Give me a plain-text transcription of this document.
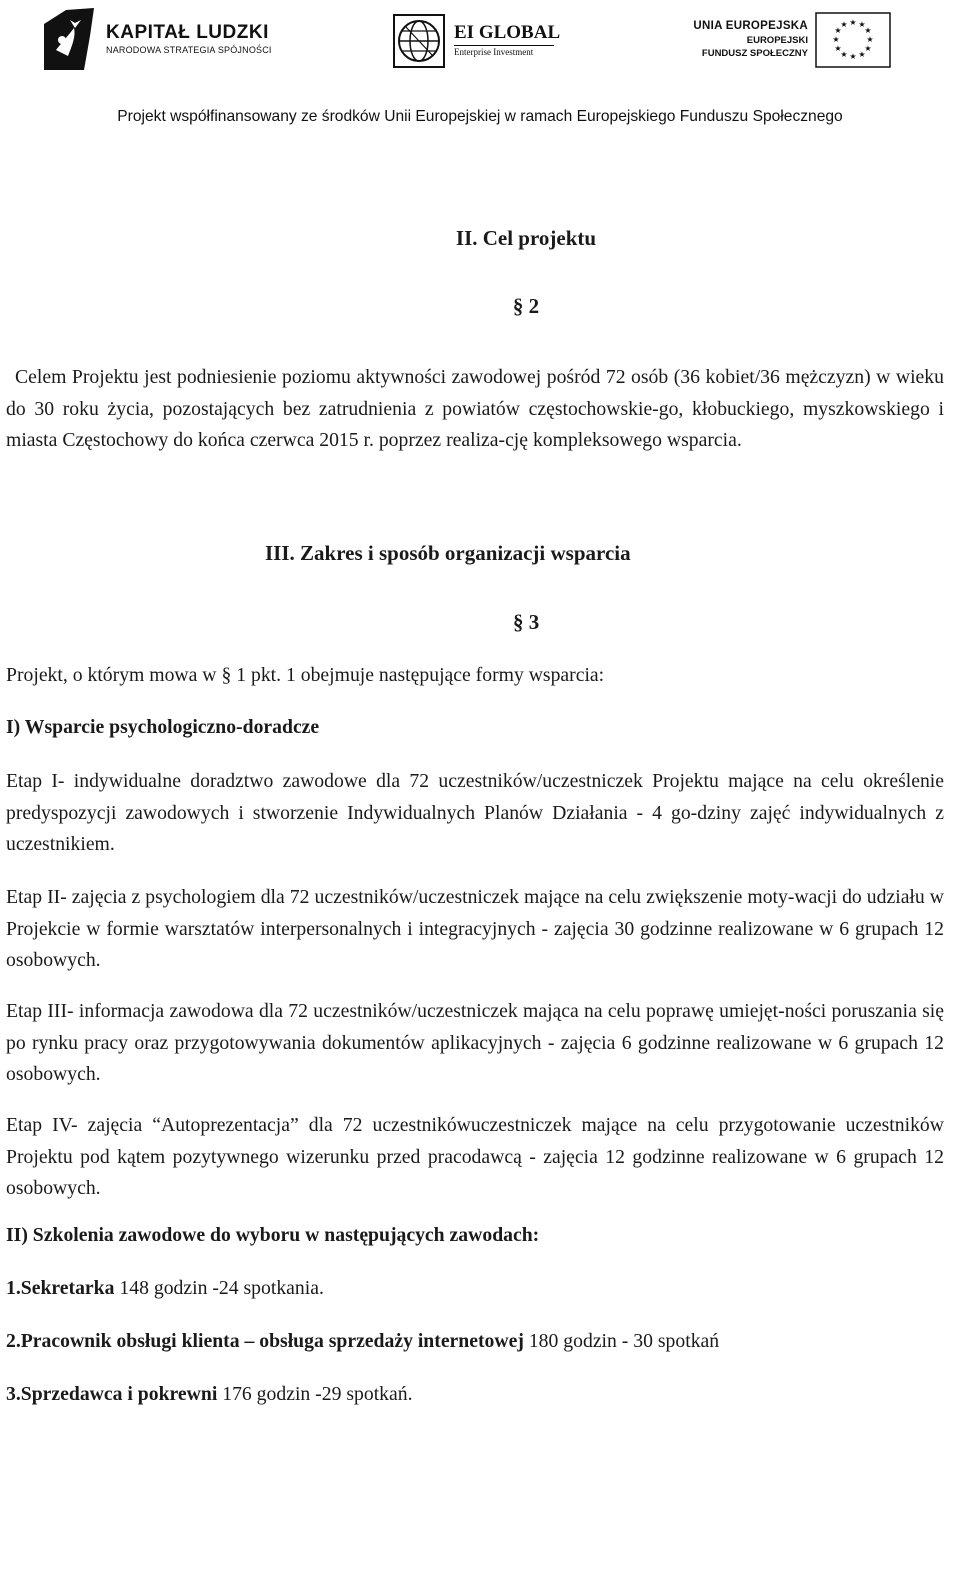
KAPITAŁ LUDZKI
NARODOWA STRATEGIA SPÓJNOŚCI
EI GLOBAL
Enterprise Investment
UNIA EUROPEJSKA
EUROPEJSKI
FUNDUSZ SPOŁECZNY
★ ★
★
★
★
★
★
★
★
★
★
★
Projekt współfinansowany ze środków Unii Europejskiej w ramach Europejskiego Funduszu Społecznego
II. Cel projektu
§ 2
Celem Projektu jest podniesienie poziomu aktywności zawodowej pośród 72 osób (36 kobiet/36 mężczyzn) w wieku do 30 roku życia, pozostających bez zatrudnienia z powiatów częstochowskie-go, kłobuckiego, myszkowskiego i miasta Częstochowy do końca czerwca 2015 r. poprzez realiza-cję kompleksowego wsparcia.
III. Zakres i sposób organizacji wsparcia
§ 3
Projekt, o którym mowa w § 1 pkt. 1 obejmuje następujące formy wsparcia:
I) Wsparcie psychologiczno-doradcze
Etap I- indywidualne doradztwo zawodowe dla 72 uczestników/uczestniczek Projektu mające na celu określenie predyspozycji zawodowych i stworzenie Indywidualnych Planów Działania - 4 go-dziny zajęć indywidualnych z uczestnikiem.
Etap II- zajęcia z psychologiem dla 72 uczestników/uczestniczek mające na celu zwiększenie moty-wacji do udziału w Projekcie w formie warsztatów interpersonalnych i integracyjnych - zajęcia 30 godzinne realizowane w 6 grupach 12 osobowych.
Etap III- informacja zawodowa dla 72 uczestników/uczestniczek mająca na celu poprawę umiejęt-ności poruszania się po rynku pracy oraz przygotowywania dokumentów aplikacyjnych - zajęcia 6 godzinne realizowane w 6 grupach 12 osobowych.
Etap IV- zajęcia “Autoprezentacja” dla 72 uczestnikówuczestniczek mające na celu przygotowanie uczestników Projektu pod kątem pozytywnego wizerunku przed pracodawcą - zajęcia 12 godzinne realizowane w 6 grupach 12 osobowych.
II) Szkolenia zawodowe do wyboru w następujących zawodach:
1.Sekretarka 148 godzin -24 spotkania.
2.Pracownik obsługi klienta – obsługa sprzedaży internetowej 180 godzin - 30 spotkań
3.Sprzedawca i pokrewni 176 godzin -29 spotkań.
